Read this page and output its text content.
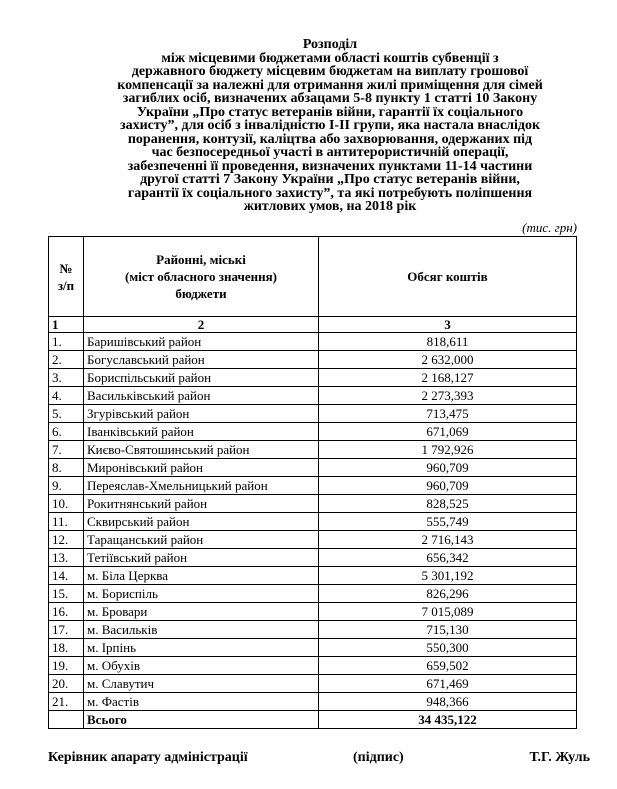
Розподіл
між місцевими бюджетами області коштів субвенції з
державного бюджету місцевим бюджетам на виплату грошової
компенсації за належні для отримання жилі приміщення для сімей
загиблих осіб, визначених абзацами 5-8 пункту 1 статті 10 Закону
України „Про статус ветеранів війни, гарантії їх соціального
захисту”, для осіб з інвалідністю І-ІІ групи, яка настала внаслідок
поранення, контузії, каліцтва або захворювання, одержаних під
час безпосередньої участі в антитерористичній операції,
забезпеченні її проведення, визначених пунктами 11-14 частини
другої статті 7 Закону України „Про статус ветеранів війни,
гарантії їх соціального захисту”, та які потребують поліпшення
житлових умов, на 2018 рік
(тис. грн)
№
з/п	Районні, міські
(міст обласного значення)
бюджети	Обсяг коштів
1	2	3
1.	Баришівський район	818,611
2.	Богуславський район	2 632,000
3.	Бориспільський район	2 168,127
4.	Васильківський район	2 273,393
5.	Згурівський район	713,475
6.	Іванківський район	671,069
7.	Києво-Святошинський район	1 792,926
8.	Миронівський район	960,709
9.	Переяслав-Хмельницький район	960,709
10.	Рокитнянський район	828,525
11.	Сквирський район	555,749
12.	Таращанський район	2 716,143
13.	Тетіївський район	656,342
14.	м. Біла Церква	5 301,192
15.	м. Бориспіль	826,296
16.	м. Бровари	7 015,089
17.	м. Васильків	715,130
18.	м. Ірпінь	550,300
19.	м. Обухів	659,502
20.	м. Славутич	671,469
21.	м. Фастів	948,366
	Всього	34 435,122
Керівник апарату адміністрації	(підпис)	Т.Г. Жуль
